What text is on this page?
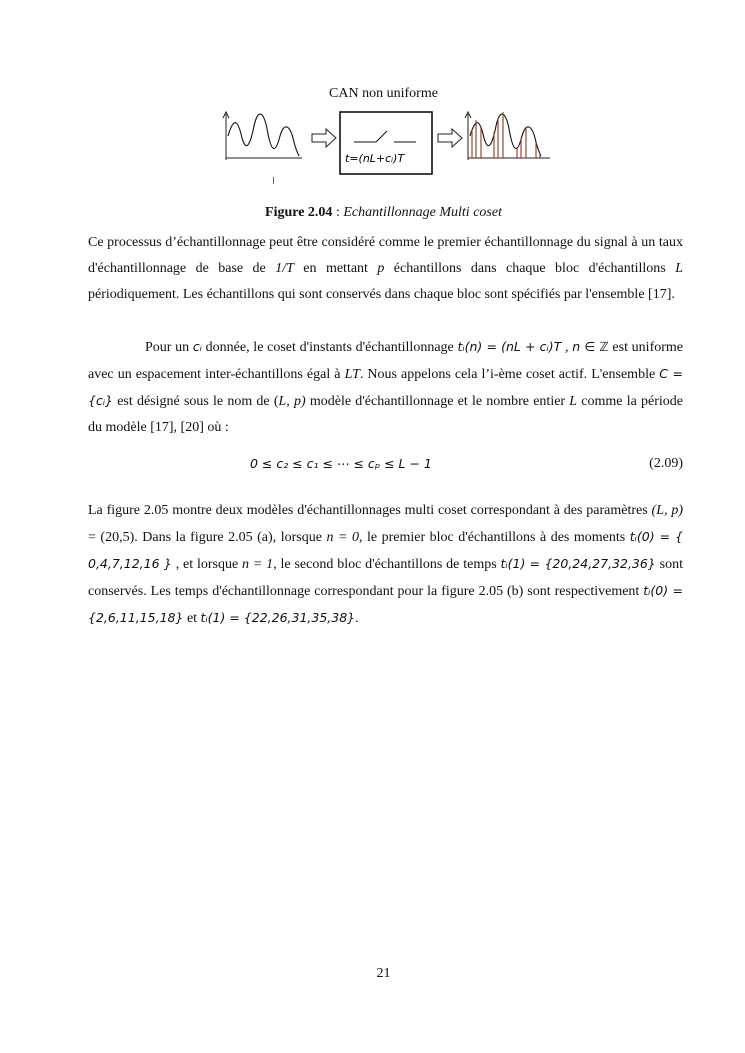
CAN non uniforme
t=(nL+cᵢ)T
I
Figure 2.04 : Echantillonnage Multi coset
Ce processus d’échantillonnage peut être considéré comme le premier échantillonnage du signal à un taux d'échantillonnage de base de 1/T en mettant p échantillons dans chaque bloc d'échantillons L périodiquement. Les échantillons qui sont conservés dans chaque bloc sont spécifiés par l'ensemble [17].
Pour un cᵢ donnée, le coset d'instants d'échantillonnage tᵢ(n) = (nL + cᵢ)T , n ∈ ℤ est uniforme avec un espacement inter-échantillons égal à LT. Nous appelons cela l’i-ème coset actif. L'ensemble C = {cᵢ} est désigné sous le nom de (L, p) modèle d'échantillonnage et le nombre entier L comme la période du modèle [17], [20] où :
0 ≤ c₂ ≤ c₁ ≤ ⋯ ≤ cₚ ≤ L − 1	(2.09)
La figure 2.05 montre deux modèles d'échantillonnages multi coset correspondant à des paramètres (L, p) = (20,5). Dans la figure 2.05 (a), lorsque n = 0, le premier bloc d'échantillons à des moments tᵢ(0) = { 0,4,7,12,16 } , et lorsque n = 1, le second bloc d'échantillons de temps tᵢ(1) = {20,24,27,32,36} sont conservés. Les temps d'échantillonnage correspondant pour la figure 2.05 (b) sont respectivement tᵢ(0) = {2,6,11,15,18} et tᵢ(1) = {22,26,31,35,38}.
21
